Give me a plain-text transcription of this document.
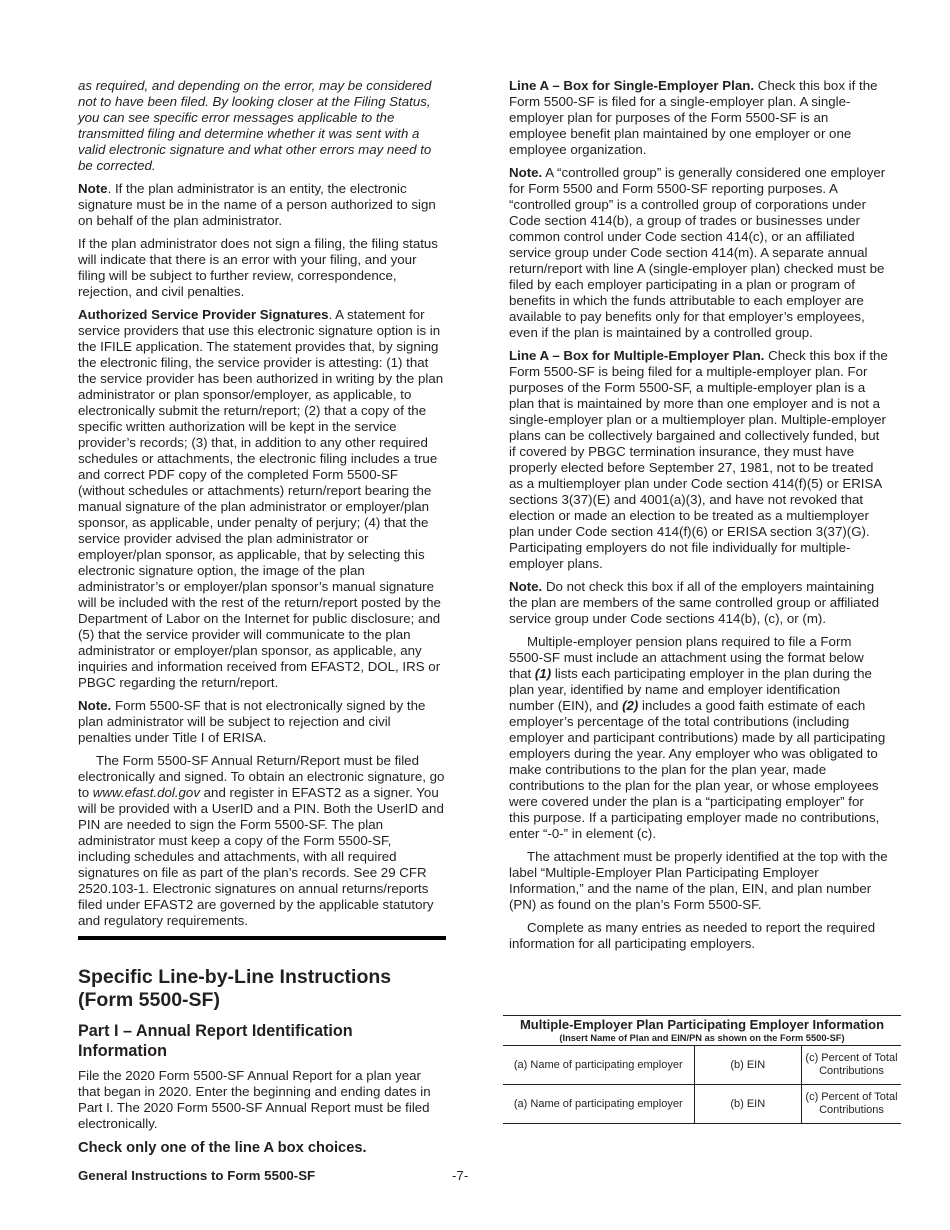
as required, and depending on the error, may be considered not to have been filed. By looking closer at the Filing Status, you can see specific error messages applicable to the transmitted filing and determine whether it was sent with a valid electronic signature and what other errors may need to be corrected.

Note. If the plan administrator is an entity, the electronic signature must be in the name of a person authorized to sign on behalf of the plan administrator.

If the plan administrator does not sign a filing, the filing status will indicate that there is an error with your filing, and your filing will be subject to further review, correspondence, rejection, and civil penalties.

Authorized Service Provider Signatures. A statement for service providers that use this electronic signature option is in the IFILE application. The statement provides that, by signing the electronic filing, the service provider is attesting: (1) that the service provider has been authorized in writing by the plan administrator or plan sponsor/employer, as applicable, to electronically submit the return/report; (2) that a copy of the specific written authorization will be kept in the service provider’s records; (3) that, in addition to any other required schedules or attachments, the electronic filing includes a true and correct PDF copy of the completed Form 5500-SF (without schedules or attachments) return/report bearing the manual signature of the plan administrator or employer/plan sponsor, as applicable, under penalty of perjury; (4) that the service provider advised the plan administrator or employer/plan sponsor, as applicable, that by selecting this electronic signature option, the image of the plan administrator’s or employer/plan sponsor’s manual signature will be included with the rest of the return/report posted by the Department of Labor on the Internet for public disclosure; and (5) that the service provider will communicate to the plan administrator or employer/plan sponsor, as applicable, any inquiries and information received from EFAST2, DOL, IRS or PBGC regarding the return/report.

Note. Form 5500-SF that is not electronically signed by the plan administrator will be subject to rejection and civil penalties under Title I of ERISA.

The Form 5500-SF Annual Return/Report must be filed electronically and signed. To obtain an electronic signature, go to www.efast.dol.gov and register in EFAST2 as a signer. You will be provided with a UserID and a PIN. Both the UserID and PIN are needed to sign the Form 5500-SF. The plan administrator must keep a copy of the Form 5500-SF, including schedules and attachments, with all required signatures on file as part of the plan’s records. See 29 CFR 2520.103-1. Electronic signatures on annual returns/reports filed under EFAST2 are governed by the applicable statutory and regulatory requirements.

Specific Line-by-Line Instructions (Form 5500-SF)
Part I – Annual Report Identification Information

File the 2020 Form 5500-SF Annual Report for a plan year that began in 2020. Enter the beginning and ending dates in Part I. The 2020 Form 5500-SF Annual Report must be filed electronically.

Check only one of the line A box choices.

Line A – Box for Single-Employer Plan. Check this box if the Form 5500-SF is filed for a single-employer plan. A single-employer plan for purposes of the Form 5500-SF is an employee benefit plan maintained by one employer or one employee organization.

Note. A “controlled group” is generally considered one employer for Form 5500 and Form 5500-SF reporting purposes. A “controlled group” is a controlled group of corporations under Code section 414(b), a group of trades or businesses under common control under Code section 414(c), or an affiliated service group under Code section 414(m). A separate annual return/report with line A (single-employer plan) checked must be filed by each employer participating in a plan or program of benefits in which the funds attributable to each employer are available to pay benefits only for that employer’s employees, even if the plan is maintained by a controlled group.

Line A – Box for Multiple-Employer Plan. Check this box if the Form 5500-SF is being filed for a multiple-employer plan. For purposes of the Form 5500-SF, a multiple-employer plan is a plan that is maintained by more than one employer and is not a single-employer plan or a multiemployer plan. Multiple-employer plans can be collectively bargained and collectively funded, but if covered by PBGC termination insurance, they must have properly elected before September 27, 1981, not to be treated as a multiemployer plan under Code section 414(f)(5) or ERISA sections 3(37)(E) and 4001(a)(3), and have not revoked that election or made an election to be treated as a multiemployer plan under Code section 414(f)(6) or ERISA section 3(37)(G). Participating employers do not file individually for multiple-employer plans.

Note. Do not check this box if all of the employers maintaining the plan are members of the same controlled group or affiliated service group under Code sections 414(b), (c), or (m).

Multiple-employer pension plans required to file a Form 5500-SF must include an attachment using the format below that (1) lists each participating employer in the plan during the plan year, identified by name and employer identification number (EIN), and (2) includes a good faith estimate of each employer’s percentage of the total contributions (including employer and participant contributions) made by all participating employers during the year. Any employer who was obligated to make contributions to the plan for the plan year, made contributions to the plan for the plan year, or whose employees were covered under the plan is a “participating employer” for this purpose. If a participating employer made no contributions, enter “-0-” in element (c).

The attachment must be properly identified at the top with the label “Multiple-Employer Plan Participating Employer Information,” and the name of the plan, EIN, and plan number (PN) as found on the plan’s Form 5500-SF.

Complete as many entries as needed to report the required information for all participating employers.

Multiple-Employer Plan Participating Employer Information
(Insert Name of Plan and EIN/PN as shown on the Form 5500-SF)
(a) Name of participating employer	(b) EIN	(c) Percent of Total Contributions
(a) Name of participating employer	(b) EIN	(c) Percent of Total Contributions
General Instructions to Form 5500-SF	-7-
